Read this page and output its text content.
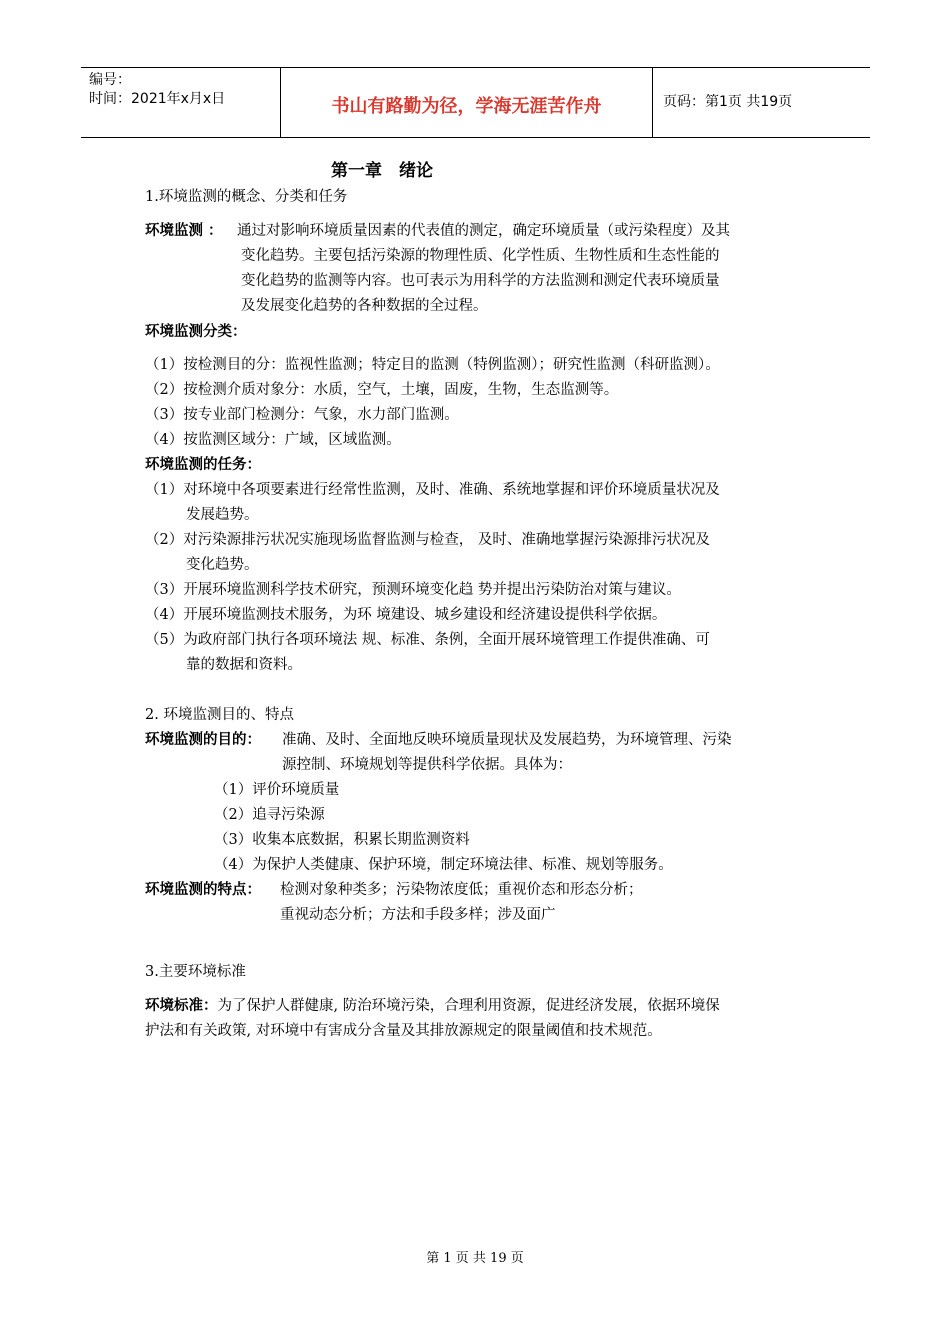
编号：
时间：2021年x月x日	书山有路勤为径，学海无涯苦作舟	页码：第1页 共19页
第一章　绪论
1.环境监测的概念、分类和任务
环境监测 ： 通过对影响环境质量因素的代表值的测定，确定环境质量（或污染程度）及其
变化趋势。主要包括污染源的物理性质、化学性质、生物性质和生态性能的
变化趋势的监测等内容。也可表示为用科学的方法监测和测定代表环境质量
及发展变化趋势的各种数据的全过程。
环境监测分类：
（1）按检测目的分：监视性监测；特定目的监测（特例监测）；研究性监测（科研监测）。
（2）按检测介质对象分：水质，空气，土壤，固废，生物，生态监测等。
（3）按专业部门检测分：气象，水力部门监测。
（4）按监测区域分：广域，区域监测。
环境监测的任务：
（1）对环境中各项要素进行经常性监测，及时、准确、系统地掌握和评价环境质量状况及
发展趋势。
（2）对污染源排污状况实施现场监督监测与检查， 及时、准确地掌握污染源排污状况及
变化趋势。
（3）开展环境监测科学技术研究，预测环境变化趋 势并提出污染防治对策与建议。
（4）开展环境监测技术服务，为环 境建设、城乡建设和经济建设提供科学依据。
（5）为政府部门执行各项环境法 规、标准、条例，全面开展环境管理工作提供准确、可
靠的数据和资料。
2. 环境监测目的、特点
环境监测的目的： 准确、及时、全面地反映环境质量现状及发展趋势，为环境管理、污染
源控制、环境规划等提供科学依据。具体为：
（1）评价环境质量
（2）追寻污染源
（3）收集本底数据，积累长期监测资料
（4）为保护人类健康、保护环境，制定环境法律、标准、规划等服务。
环境监测的特点： 检测对象种类多；污染物浓度低；重视价态和形态分析；
重视动态分析；方法和手段多样；涉及面广
3.主要环境标准
环境标准：为了保护人群健康, 防治环境污染，合理利用资源，促进经济发展，依据环境保
护法和有关政策, 对环境中有害成分含量及其排放源规定的限量阈值和技术规范。
第 1 页 共 19 页
